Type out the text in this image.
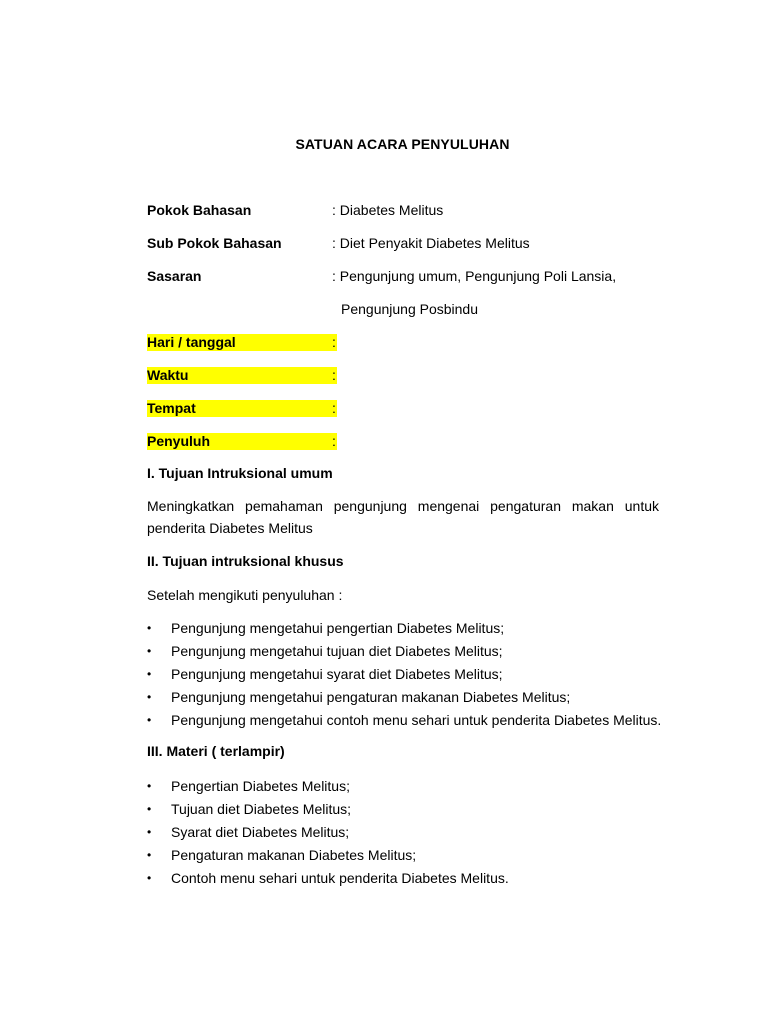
SATUAN ACARA PENYULUHAN
Pokok Bahasan	: Diabetes Melitus
Sub Pokok Bahasan	: Diet Penyakit Diabetes Melitus
Sasaran	: Pengunjung umum, Pengunjung Poli Lansia,
Pengunjung Posbindu
Hari / tanggal	:
Waktu	:
Tempat	:
Penyuluh	:
I. Tujuan Intruksional umum
Meningkatkan pemahaman pengunjung mengenai pengaturan makan untuk penderita Diabetes Melitus
II. Tujuan intruksional khusus
Setelah mengikuti penyuluhan :
• Pengunjung mengetahui pengertian Diabetes Melitus;
• Pengunjung mengetahui tujuan diet Diabetes Melitus;
• Pengunjung mengetahui syarat diet Diabetes Melitus;
• Pengunjung mengetahui pengaturan makanan Diabetes Melitus;
• Pengunjung mengetahui contoh menu sehari untuk penderita Diabetes Melitus.
III. Materi ( terlampir)
• Pengertian Diabetes Melitus;
• Tujuan diet Diabetes Melitus;
• Syarat diet Diabetes Melitus;
• Pengaturan makanan Diabetes Melitus;
• Contoh menu sehari untuk penderita Diabetes Melitus.
